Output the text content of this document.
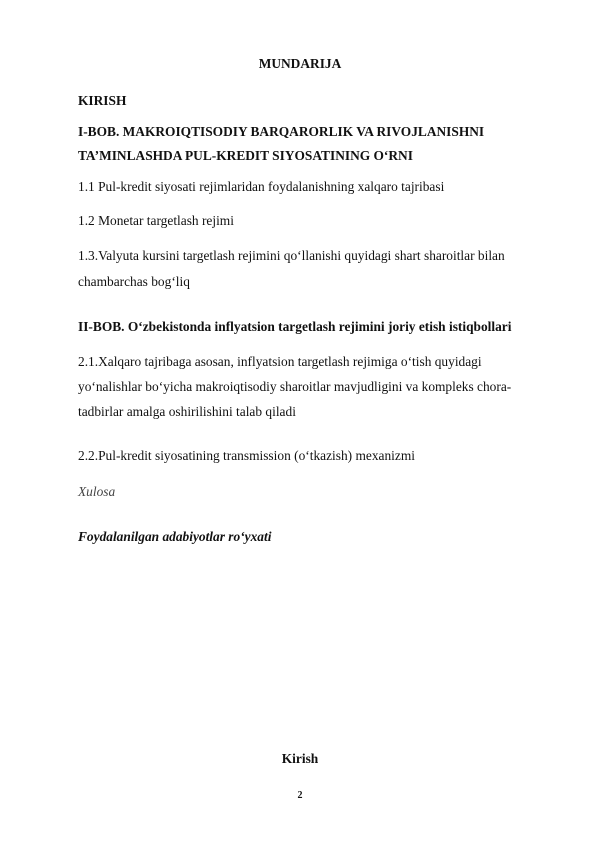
MUNDARIJA
KIRISH
I-BOB. MAKROIQTISODIY BARQARORLIK VA RIVOJLANISHNI
TA’MINLASHDA PUL-KREDIT SIYOSATINING O‘RNI
1.1 Pul-kredit siyosati rejimlaridan foydalanishning xalqaro tajribasi
1.2 Monetar targetlash rejimi
1.3.Valyuta kursini targetlash rejimini qo‘llanishi quyidagi shart sharoitlar bilan
chambarchas bog‘liq
II-BOB. O‘zbekistonda inflyatsion targetlash rejimini joriy etish istiqbollari
2.1.Xalqaro tajribaga asosan, inflyatsion targetlash rejimiga o‘tish quyidagi
yo‘nalishlar bo‘yicha makroiqtisodiy sharoitlar mavjudligini va kompleks chora-
tadbirlar amalga oshirilishini talab qiladi
2.2.Pul-kredit siyosatining transmission (o‘tkazish) mexanizmi
Xulosa
Foydalanilgan adabiyotlar ro‘yxati
Kirish
2
